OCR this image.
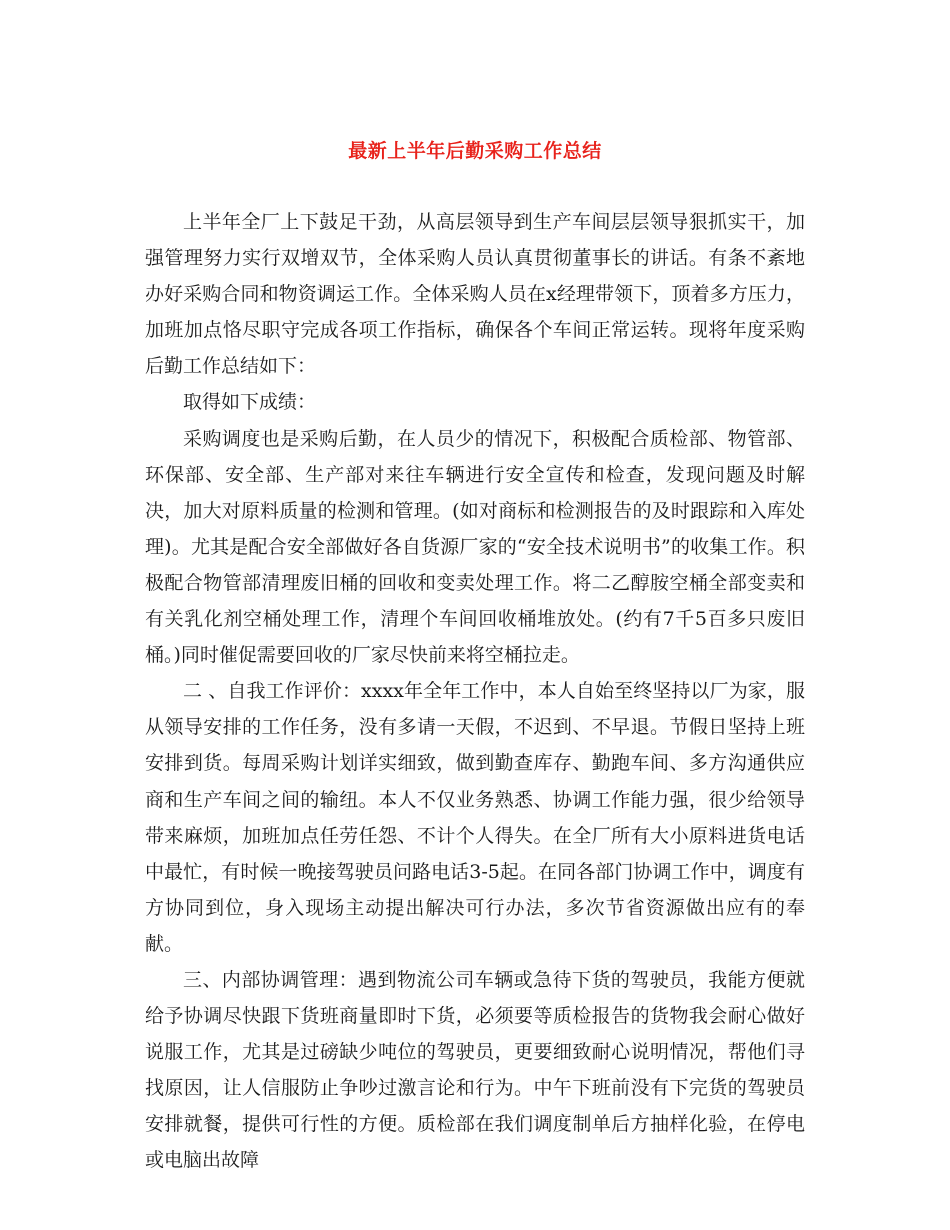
最新上半年后勤采购工作总结

上半年全厂上下鼓足干劲，从高层领导到生产车间层层领导狠抓实干，加强管理努力实行双增双节，全体采购人员认真贯彻董事长的讲话。有条不紊地办好采购合同和物资调运工作。全体采购人员在x经理带领下，顶着多方压力，加班加点恪尽职守完成各项工作指标，确保各个车间正常运转。现将年度采购后勤工作总结如下：

取得如下成绩：

采购调度也是采购后勤，在人员少的情况下，积极配合质检部、物管部、环保部、安全部、生产部对来往车辆进行安全宣传和检查，发现问题及时解决，加大对原料质量的检测和管理。(如对商标和检测报告的及时跟踪和入库处理)。尤其是配合安全部做好各自货源厂家的“安全技术说明书”的收集工作。积极配合物管部清理废旧桶的回收和变卖处理工作。将二乙醇胺空桶全部变卖和有关乳化剂空桶处理工作，清理个车间回收桶堆放处。(约有7千5百多只废旧桶。)同时催促需要回收的厂家尽快前来将空桶拉走。

二 、自我工作评价：xxxx年全年工作中，本人自始至终坚持以厂为家，服从领导安排的工作任务，没有多请一天假，不迟到、不早退。节假日坚持上班安排到货。每周采购计划详实细致，做到勤查库存、勤跑车间、多方沟通供应商和生产车间之间的输纽。本人不仅业务熟悉、协调工作能力强，很少给领导带来麻烦，加班加点任劳任怨、不计个人得失。在全厂所有大小原料进货电话中最忙，有时候一晚接驾驶员问路电话3-5起。在同各部门协调工作中，调度有方协同到位，身入现场主动提出解决可行办法，多次节省资源做出应有的奉献。

三、内部协调管理：遇到物流公司车辆或急待下货的驾驶员，我能方便就给予协调尽快跟下货班商量即时下货，必须要等质检报告的货物我会耐心做好说服工作，尤其是过磅缺少吨位的驾驶员，更要细致耐心说明情况，帮他们寻找原因，让人信服防止争吵过激言论和行为。中午下班前没有下完货的驾驶员安排就餐，提供可行性的方便。质检部在我们调度制单后方抽样化验，在停电或电脑出故障
